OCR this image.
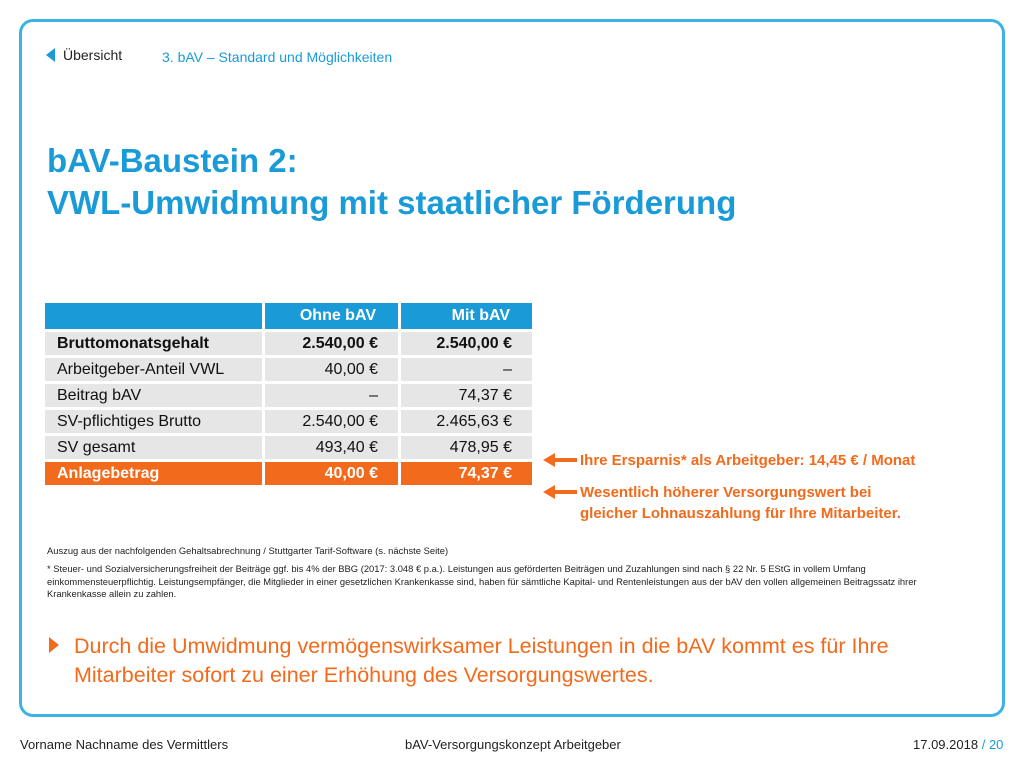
Übersicht	3. bAV – Standard und Möglichkeiten
bAV-Baustein 2:
VWL-Umwidmung mit staatlicher Förderung
	Ohne bAV	Mit bAV
Bruttomonatsgehalt	2.540,00 €	2.540,00 €
Arbeitgeber-Anteil VWL	40,00 €	–
Beitrag bAV	–	74,37 €
SV-pflichtiges Brutto	2.540,00 €	2.465,63 €
SV gesamt	493,40 €	478,95 €
Anlagebetrag	40,00 €	74,37 €
Ihre Ersparnis* als Arbeitgeber: 14,45 € / Monat
Wesentlich höherer Versorgungswert bei
gleicher Lohnauszahlung für Ihre Mitarbeiter.
Auszug aus der nachfolgenden Gehaltsabrechnung / Stuttgarter Tarif-Software (s. nächste Seite)
* Steuer- und Sozialversicherungsfreiheit der Beiträge ggf. bis 4% der BBG (2017: 3.048 € p.a.). Leistungen aus geförderten Beiträgen und Zuzahlungen sind nach § 22 Nr. 5 EStG in vollem Umfang einkommensteuerpflichtig. Leistungsempfänger, die Mitglieder in einer gesetzlichen Krankenkasse sind, haben für sämtliche Kapital- und Rentenleistungen aus der bAV den vollen allgemeinen Beitragssatz ihrer Krankenkasse allein zu zahlen.
Durch die Umwidmung vermögenswirksamer Leistungen in die bAV kommt es für Ihre Mitarbeiter sofort zu einer Erhöhung des Versorgungswertes.
Vorname Nachname des Vermittlers	bAV-Versorgungskonzept Arbeitgeber	17.09.2018 / 20
